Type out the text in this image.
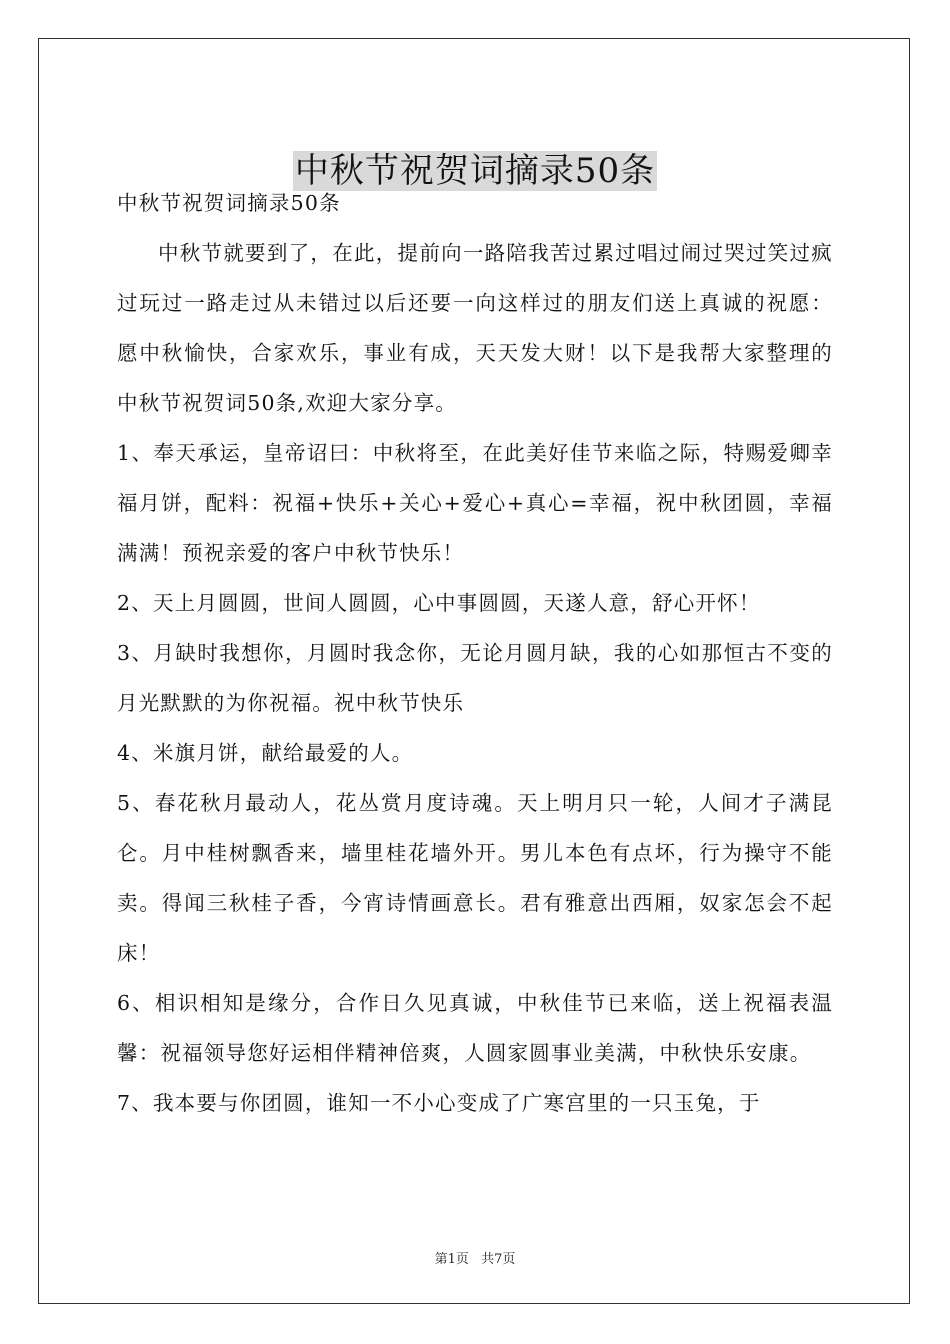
中秋节祝贺词摘录50条

中秋节祝贺词摘录50条

中秋节就要到了，在此，提前向一路陪我苦过累过唱过闹过哭过笑过疯过玩过一路走过从未错过以后还要一向这样过的朋友们送上真诚的祝愿：愿中秋愉快，合家欢乐，事业有成，天天发大财！以下是我帮大家整理的中秋节祝贺词50条,欢迎大家分享。

1、奉天承运，皇帝诏曰：中秋将至，在此美好佳节来临之际，特赐爱卿幸福月饼，配料：祝福+快乐+关心+爱心+真心=幸福，祝中秋团圆，幸福满满！预祝亲爱的客户中秋节快乐！

2、天上月圆圆，世间人圆圆，心中事圆圆，天遂人意，舒心开怀！

3、月缺时我想你，月圆时我念你，无论月圆月缺，我的心如那恒古不变的月光默默的为你祝福。祝中秋节快乐

4、米旗月饼，献给最爱的人。

5、春花秋月最动人，花丛赏月度诗魂。天上明月只一轮，人间才子满昆仑。月中桂树飘香来，墙里桂花墙外开。男儿本色有点坏，行为操守不能卖。得闻三秋桂子香，今宵诗情画意长。君有雅意出西厢，奴家怎会不起床！

6、相识相知是缘分，合作日久见真诚，中秋佳节已来临，送上祝福表温馨：祝福领导您好运相伴精神倍爽，人圆家圆事业美满，中秋快乐安康。

7、我本要与你团圆，谁知一不小心变成了广寒宫里的一只玉兔，于

第1页 共7页
